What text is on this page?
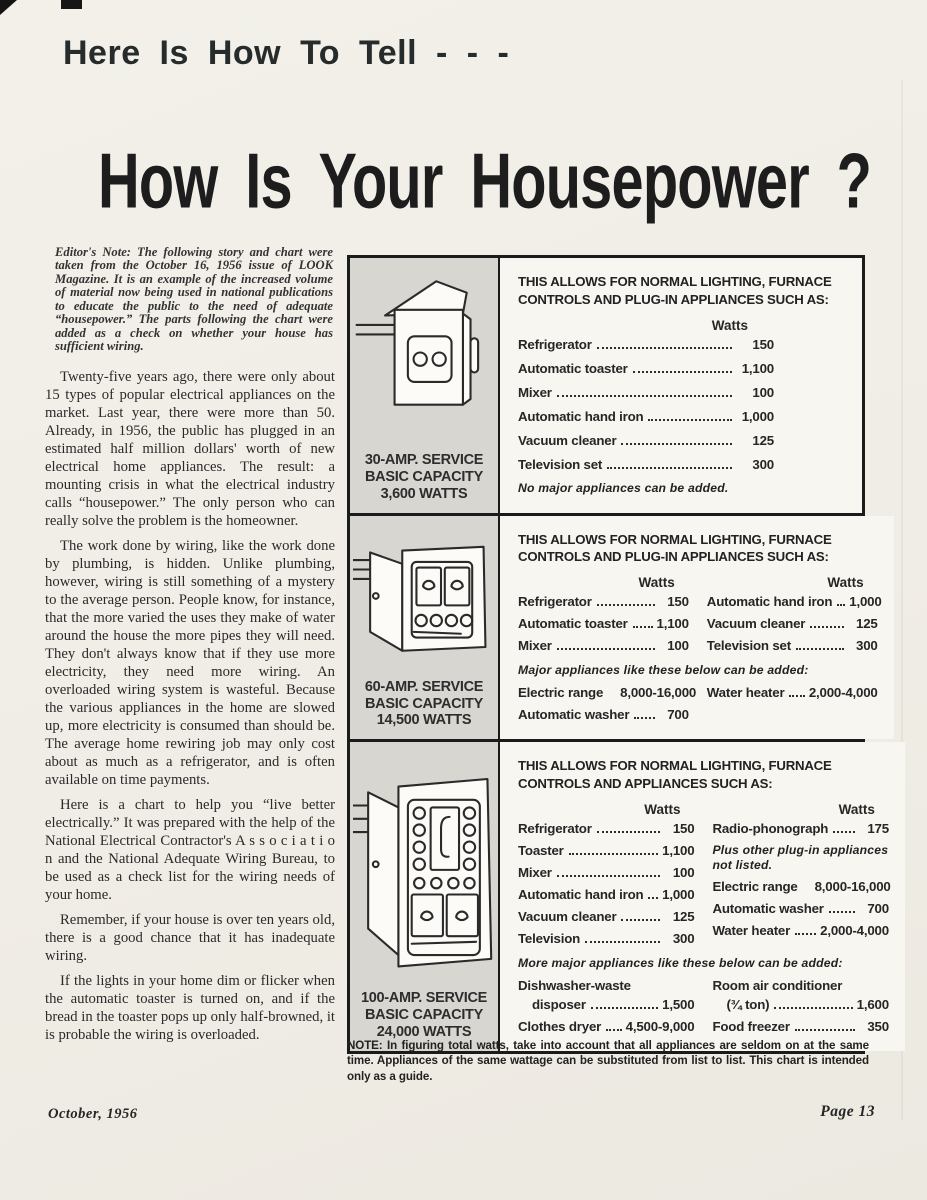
Here Is How To Tell - - -
How Is Your Housepower ?

Editor's Note: The following story and chart were taken from the October 16, 1956 issue of LOOK Magazine. It is an example of the increased volume of material now being used in national publications to educate the public to the need of adequate “housepower.” The parts following the chart were added as a check on whether your house has sufficient wiring.

Twenty-five years ago, there were only about 15 types of popular electrical appliances on the market. Last year, there were more than 50. Already, in 1956, the public has plugged in an estimated half million dollars' worth of new electrical home appliances. The result: a mounting crisis in what the electrical industry calls “housepower.” The only person who can really solve the problem is the homeowner.

The work done by wiring, like the work done by plumbing, is hidden. Unlike plumbing, however, wiring is still something of a mystery to the average person. People know, for instance, that the more varied the uses they make of water around the house the more pipes they will need. They don't always know that if they use more electricity, they need more wiring. An overloaded wiring system is wasteful. Because the various appliances in the home are slowed up, more electricity is consumed than should be. The average home rewiring job may only cost about as much as a refrigerator, and is often available on time payments.

Here is a chart to help you “live better electrically.” It was prepared with the help of the National Electrical Contractor's A s s o c i a t i o n and the National Adequate Wiring Bureau, to be used as a check list for the wiring needs of your home.

Remember, if your house is over ten years old, there is a good chance that it has inadequate wiring.

If the lights in your home dim or flicker when the automatic toaster is turned on, and if the bread in the toaster pops up only half-browned, it is probable the wiring is overloaded.

30-AMP. SERVICE
BASIC CAPACITY
3,600 WATTS
THIS ALLOWS FOR NORMAL LIGHTING, FURNACE CONTROLS AND PLUG-IN APPLIANCES SUCH AS:
Watts
Refrigerator	150
Automatic toaster	1,100
Mixer	100
Automatic hand iron	1,000
Vacuum cleaner	125
Television set	300
No major appliances can be added.
60-AMP. SERVICE
BASIC CAPACITY
14,500 WATTS
THIS ALLOWS FOR NORMAL LIGHTING, FURNACE CONTROLS AND PLUG-IN APPLIANCES SUCH AS:
Watts
Refrigerator	150
Automatic toaster 1,100
Mixer	100
Watts
Automatic hand iron 1,000
Vacuum cleaner	125
Television set	300
Major appliances like these below can be added:
Electric range 8,000-16,000
Automatic washer	700
Water heater 2,000-4,000
100-AMP. SERVICE
BASIC CAPACITY
24,000 WATTS
THIS ALLOWS FOR NORMAL LIGHTING, FURNACE CONTROLS AND APPLIANCES SUCH AS:
Watts
Refrigerator	150
Toaster	1,100
Mixer	100
Automatic hand iron 1,000
Vacuum cleaner	125
Television	300
Watts
Radio-phonograph	175
Plus other plug-in appliances not listed.
Electric range 8,000-16,000
Automatic washer	700
Water heater 2,000-4,000
More major appliances like these below can be added:
Dishwasher-waste
disposer	1,500
Clothes dryer 4,500-9,000
Room air conditioner
(¾ ton)	1,600
Food freezer	350

NOTE: In figuring total watts, take into account that all appliances are seldom on at the same time. Appliances of the same wattage can be substituted from list to list. This chart is intended only as a guide.

October, 1956	Page 13
